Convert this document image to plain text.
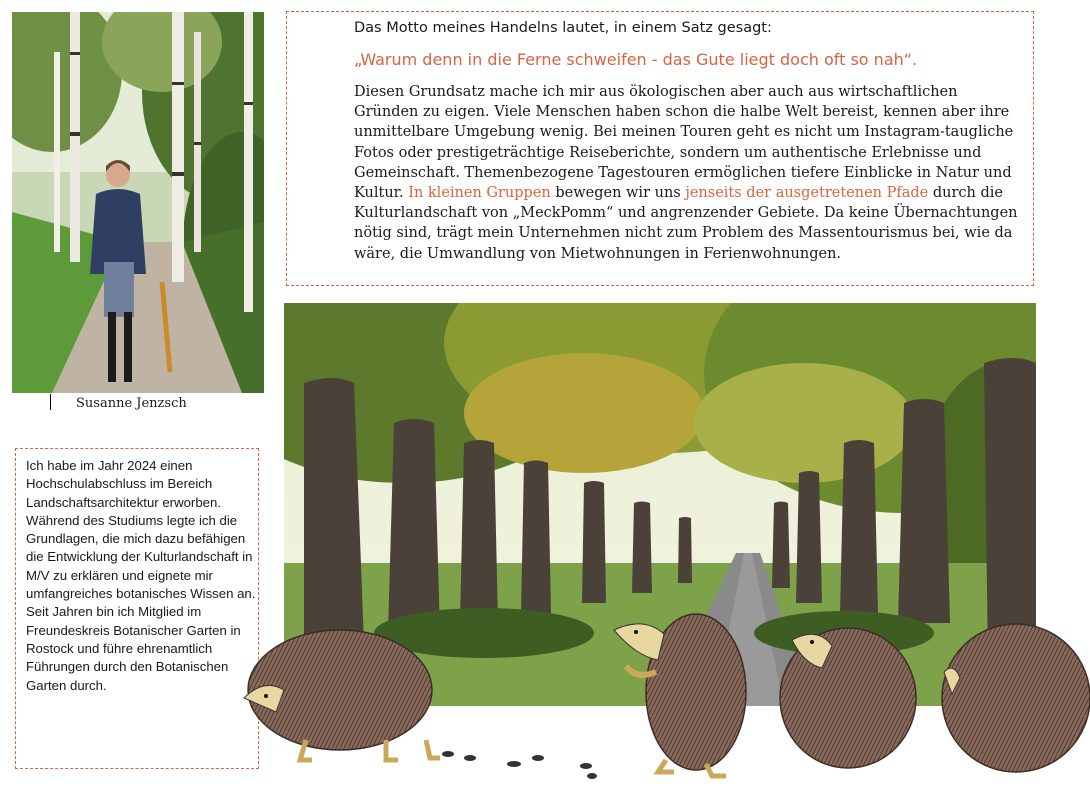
Susanne Jenzsch
Das Motto meines Handelns lautet, in einem Satz gesagt:
„Warum denn in die Ferne schweifen - das Gute liegt doch oft so nah“.
Diesen Grundsatz mache ich mir aus ökologischen aber auch aus wirtschaftlichen Gründen zu eigen. Viele Menschen haben schon die halbe Welt bereist, kennen aber ihre unmittelbare Umgebung wenig. Bei meinen Touren geht es nicht um Instagram-taugliche Fotos oder prestigeträchtige Reiseberichte, sondern um authentische Erlebnisse und Gemeinschaft. Themenbezogene Tagestouren ermöglichen tiefere Einblicke in Natur und Kultur. In kleinen Gruppen bewegen wir uns jenseits der ausgetretenen Pfade durch die Kulturlandschaft von „MeckPomm“ und angrenzender Gebiete. Da keine Übernachtungen nötig sind, trägt mein Unternehmen nicht zum Problem des Massentourismus bei, wie da wäre, die Umwandlung von Mietwohnungen in Ferienwohnungen.
Ich habe im Jahr 2024 einen Hochschulabschluss im Bereich Landschaftsarchitektur erworben. Während des Studiums legte ich die Grundlagen, die mich dazu befähigen die Entwicklung der Kulturlandschaft in M/V zu erklären und eignete mir umfangreiches botanisches Wissen an.
Seit Jahren bin ich Mitglied im Freundeskreis Botanischer Garten in Rostock und führe ehrenamtlich Führungen durch den Botanischen Garten durch.
